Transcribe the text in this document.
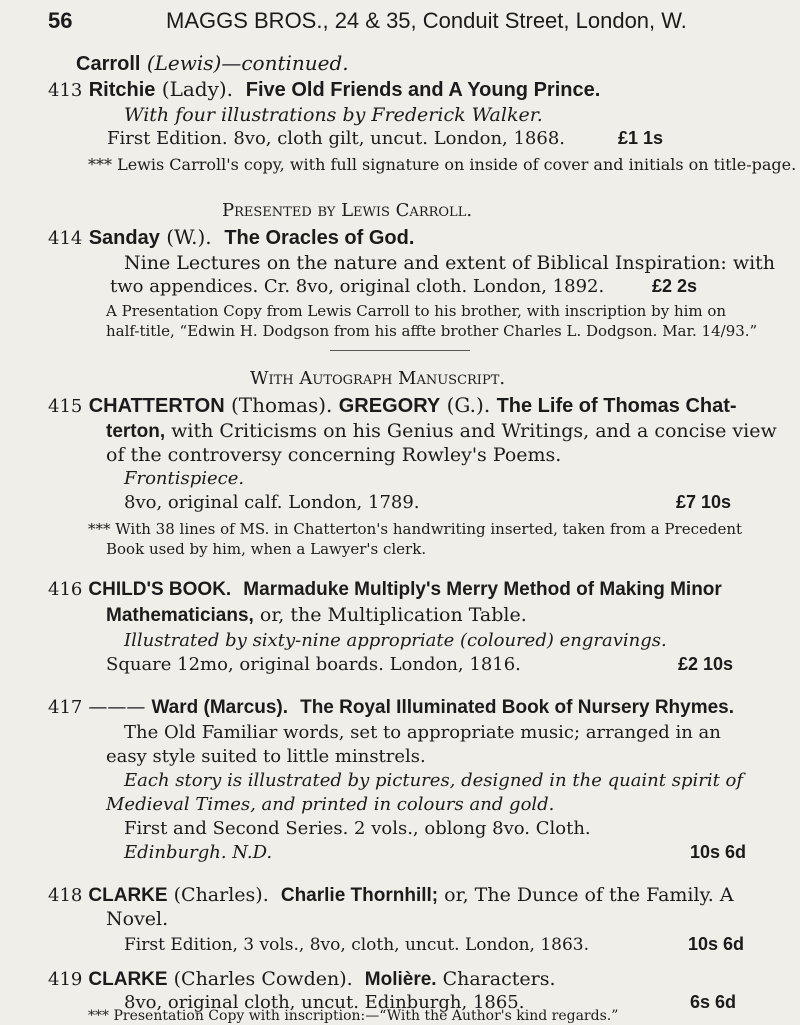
56	MAGGS BROS., 24 & 35, Conduit Street, London, W.
Carroll (Lewis)—continued.
413 Ritchie (Lady). Five Old Friends and A Young Prince.
With four illustrations by Frederick Walker.
First Edition. 8vo, cloth gilt, uncut. London, 1868.	£1 1s
*** Lewis Carroll's copy, with full signature on inside of cover and initials on title-page.
Presented by Lewis Carroll.
414 Sanday (W.). The Oracles of God.
Nine Lectures on the nature and extent of Biblical Inspiration: with
two appendices. Cr. 8vo, original cloth. London, 1892.	£2 2s
A Presentation Copy from Lewis Carroll to his brother, with inscription by him on
half-title, “Edwin H. Dodgson from his affte brother Charles L. Dodgson. Mar. 14/93.”
With Autograph Manuscript.
415 CHATTERTON (Thomas). GREGORY (G.). The Life of Thomas Chat-
terton, with Criticisms on his Genius and Writings, and a concise view
of the controversy concerning Rowley's Poems.
Frontispiece.
8vo, original calf. London, 1789.	£7 10s
*** With 38 lines of MS. in Chatterton's handwriting inserted, taken from a Precedent
Book used by him, when a Lawyer's clerk.
416 CHILD'S BOOK. Marmaduke Multiply's Merry Method of Making Minor
Mathematicians, or, the Multiplication Table.
Illustrated by sixty-nine appropriate (coloured) engravings.
Square 12mo, original boards. London, 1816.	£2 10s
417 ——— Ward (Marcus). The Royal Illuminated Book of Nursery Rhymes.
The Old Familiar words, set to appropriate music; arranged in an
easy style suited to little minstrels.
Each story is illustrated by pictures, designed in the quaint spirit of
Medieval Times, and printed in colours and gold.
First and Second Series. 2 vols., oblong 8vo. Cloth.
Edinburgh. N.D.	10s 6d
418 CLARKE (Charles). Charlie Thornhill; or, The Dunce of the Family. A
Novel.
First Edition, 3 vols., 8vo, cloth, uncut. London, 1863.	10s 6d
419 CLARKE (Charles Cowden). Molière. Characters.
8vo, original cloth, uncut. Edinburgh, 1865.	6s 6d
*** Presentation Copy with inscription:—“With the Author's kind regards.”
